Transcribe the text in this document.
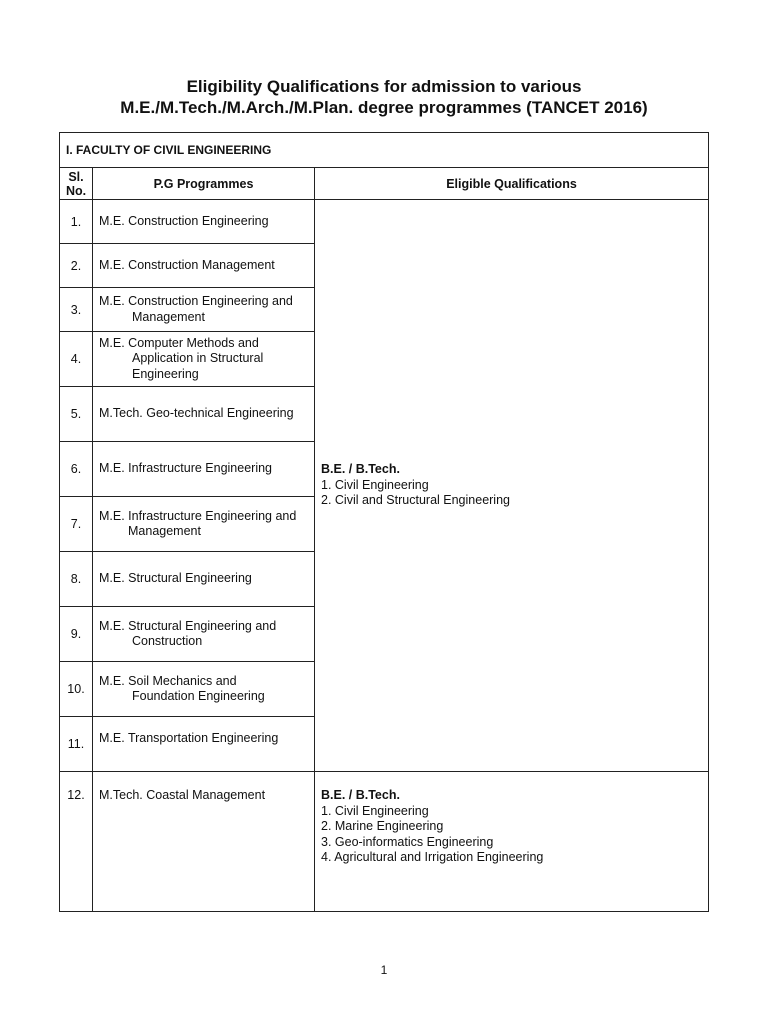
Eligibility Qualifications for admission to various
M.E./M.Tech./M.Arch./M.Plan. degree programmes (TANCET 2016)
I. FACULTY OF CIVIL ENGINEERING		

Sl.
No.	P.G Programmes	Eligible Qualifications
1.	M.E. Construction Engineering	B.E. / B.Tech.
1. Civil Engineering
2. Civil and Structural Engineering

2.	M.E. Construction Management	
3.	M.E. Construction Engineering and
Management	

4.	M.E. Computer Methods and
Application in Structural
Engineering	

5.	M.Tech. Geo-technical Engineering	
6.	M.E. Infrastructure Engineering	
7.	M.E. Infrastructure Engineering and
Management	

8.	M.E. Structural Engineering	
9.	M.E. Structural Engineering and
Construction	

10.	M.E. Soil Mechanics and
Foundation Engineering	

11.	M.E. Transportation Engineering	
12.	M.Tech. Coastal Management	B.E. / B.Tech.
1. Civil Engineering
2. Marine Engineering
3. Geo-informatics Engineering
4. Agricultural and Irrigation Engineering
1
